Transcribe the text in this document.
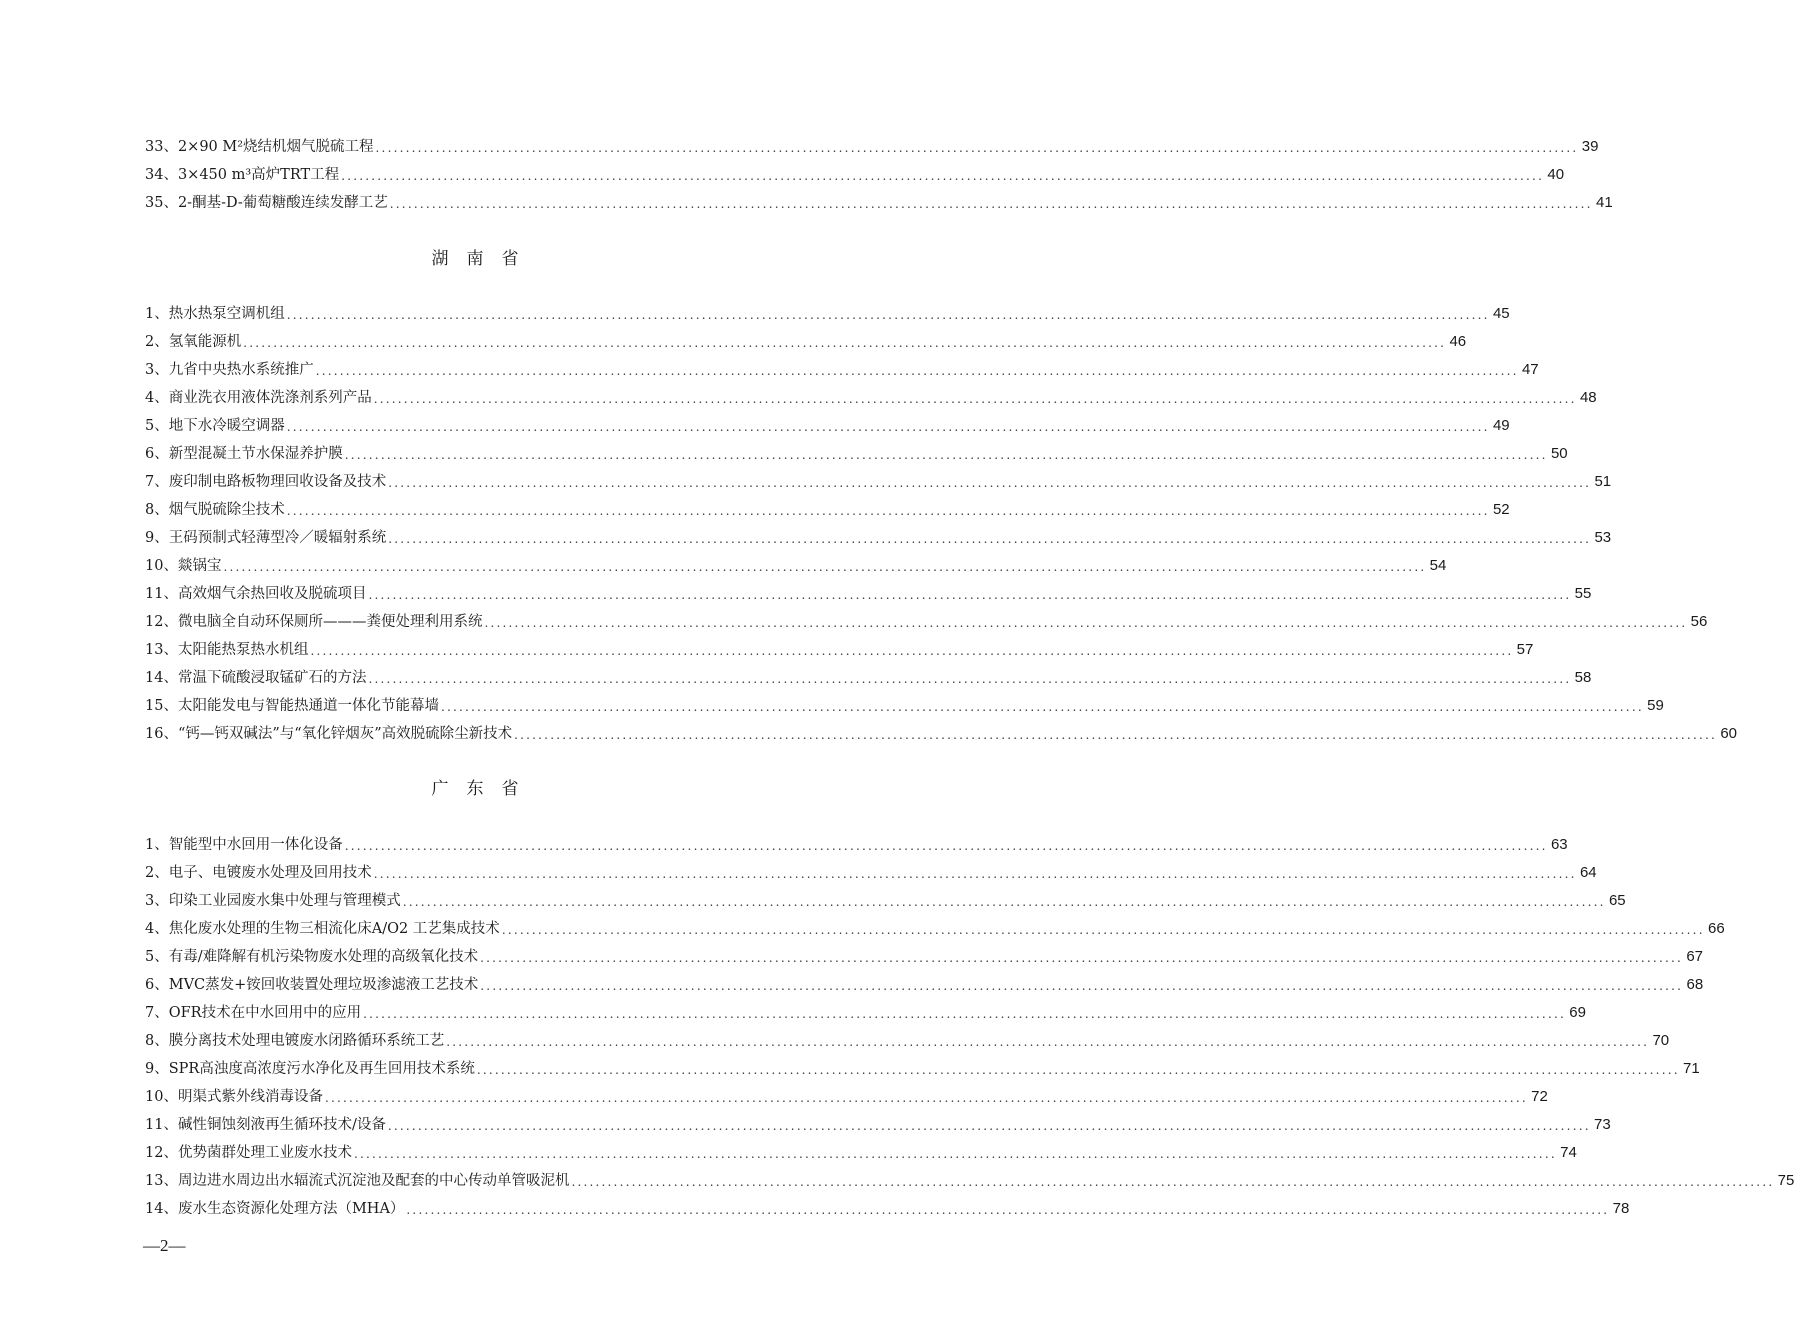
33、2×90 M²烧结机烟气脱硫工程 ........................................................................................................................................................................................................ 39
34、3×450 m³高炉TRT工程 ........................................................................................................................................................................................................ 40
35、2-酮基-D-葡萄糖酸连续发酵工艺 ........................................................................................................................................................................................................ 41
湖南省
1、热水热泵空调机组 ........................................................................................................................................................................................................ 45
2、氢氧能源机 ........................................................................................................................................................................................................ 46
3、九省中央热水系统推广 ........................................................................................................................................................................................................ 47
4、商业洗衣用液体洗涤剂系列产品 ........................................................................................................................................................................................................ 48
5、地下水冷暖空调器 ........................................................................................................................................................................................................ 49
6、新型混凝土节水保湿养护膜 ........................................................................................................................................................................................................ 50
7、废印制电路板物理回收设备及技术 ........................................................................................................................................................................................................ 51
8、烟气脱硫除尘技术 ........................................................................................................................................................................................................ 52
9、王码预制式轻薄型冷／暖辐射系统 ........................................................................................................................................................................................................ 53
10、燚锅宝 ........................................................................................................................................................................................................ 54
11、高效烟气余热回收及脱硫项目 ........................................................................................................................................................................................................ 55
12、微电脑全自动环保厕所———粪便处理利用系统 ........................................................................................................................................................................................................ 56
13、太阳能热泵热水机组 ........................................................................................................................................................................................................ 57
14、常温下硫酸浸取锰矿石的方法 ........................................................................................................................................................................................................ 58
15、太阳能发电与智能热通道一体化节能幕墙 ........................................................................................................................................................................................................ 59
16、“钙—钙双碱法”与“氧化锌烟灰”高效脱硫除尘新技术 ........................................................................................................................................................................................................ 60
广东省
1、智能型中水回用一体化设备 ........................................................................................................................................................................................................ 63
2、电子、电镀废水处理及回用技术 ........................................................................................................................................................................................................ 64
3、印染工业园废水集中处理与管理模式 ........................................................................................................................................................................................................ 65
4、焦化废水处理的生物三相流化床A/O2 工艺集成技术 ........................................................................................................................................................................................................ 66
5、有毒/难降解有机污染物废水处理的高级氧化技术 ........................................................................................................................................................................................................ 67
6、MVC蒸发+铵回收装置处理垃圾渗滤液工艺技术 ........................................................................................................................................................................................................ 68
7、OFR技术在中水回用中的应用 ........................................................................................................................................................................................................ 69
8、膜分离技术处理电镀废水闭路循环系统工艺 ........................................................................................................................................................................................................ 70
9、SPR高浊度高浓度污水净化及再生回用技术系统 ........................................................................................................................................................................................................ 71
10、明渠式紫外线消毒设备 ........................................................................................................................................................................................................ 72
11、碱性铜蚀刻液再生循环技术/设备 ........................................................................................................................................................................................................ 73
12、优势菌群处理工业废水技术 ........................................................................................................................................................................................................ 74
13、周边进水周边出水辐流式沉淀池及配套的中心传动单管吸泥机 ........................................................................................................................................................................................................ 75
14、废水生态资源化处理方法（MHA） ........................................................................................................................................................................................................ 78
—2—
